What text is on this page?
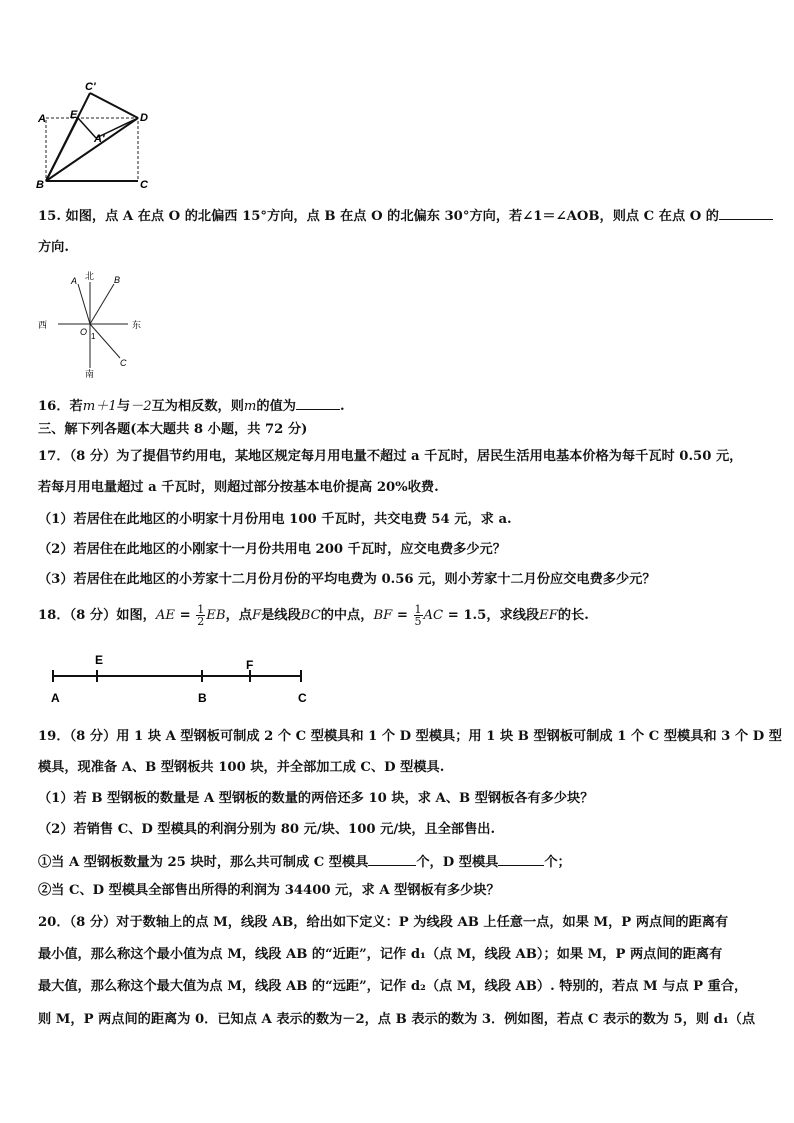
A E
C'
D
A'
B	C
15. 如图，点 A 在点 O 的北偏西 15°方向，点 B 在点 O 的北偏东 30°方向，若∠1＝∠AOB，则点 C 在点 O 的
方向.
北
南
东
西
A	B
C
O 1
16．若m＋1与－2互为相反数，则m的值为	.
三、解下列各题(本大题共 8 小题，共 72 分)
17．（8 分）为了提倡节约用电，某地区规定每月用电量不超过 a 千瓦时，居民生活用电基本价格为每千瓦时 0.50 元，
若每月用电量超过 a 千瓦时，则超过部分按基本电价提高 20%收费.
（1）若居住在此地区的小明家十月份用电 100 千瓦时，共交电费 54 元，求 a.
（2）若居住在此地区的小刚家十一月份共用电 200 千瓦时，应交电费多少元？
（3）若居住在此地区的小芳家十二月份月份的平均电费为 0.56 元，则小芳家十二月份应交电费多少元？
18．（8 分）如图，AE = $\frac{1}{2}$ EB，点F是线段BC的中点，BF = $\frac{1}{5}$ AC = 1.5，求线段EF的长.
A
E
B
F
C
19．（8 分）用 1 块 A 型钢板可制成 2 个 C 型模具和 1 个 D 型模具；用 1 块 B 型钢板可制成 1 个 C 型模具和 3 个 D 型
模具，现准备 A、B 型钢板共 100 块，并全部加工成 C、D 型模具.
（1）若 B 型钢板的数量是 A 型钢板的数量的两倍还多 10 块，求 A、B 型钢板各有多少块？
（2）若销售 C、D 型模具的利润分别为 80 元/块、100 元/块，且全部售出.
①当 A 型钢板数量为 25 块时，那么共可制成 C 型模具	个，D 型模具	个；
②当 C、D 型模具全部售出所得的利润为 34400 元，求 A 型钢板有多少块？
20．（8 分）对于数轴上的点 M，线段 AB，给出如下定义：P 为线段 AB 上任意一点，如果 M，P 两点间的距离有
最小值，那么称这个最小值为点 M，线段 AB 的“近距”，记作 d₁（点 M，线段 AB）；如果 M，P 两点间的距离有
最大值，那么称这个最大值为点 M，线段 AB 的“远距”，记作 d₂（点 M，线段 AB）. 特别的，若点 M 与点 P 重合，
则 M，P 两点间的距离为 0．已知点 A 表示的数为－2，点 B 表示的数为 3．例如图，若点 C 表示的数为 5，则 d₁（点
